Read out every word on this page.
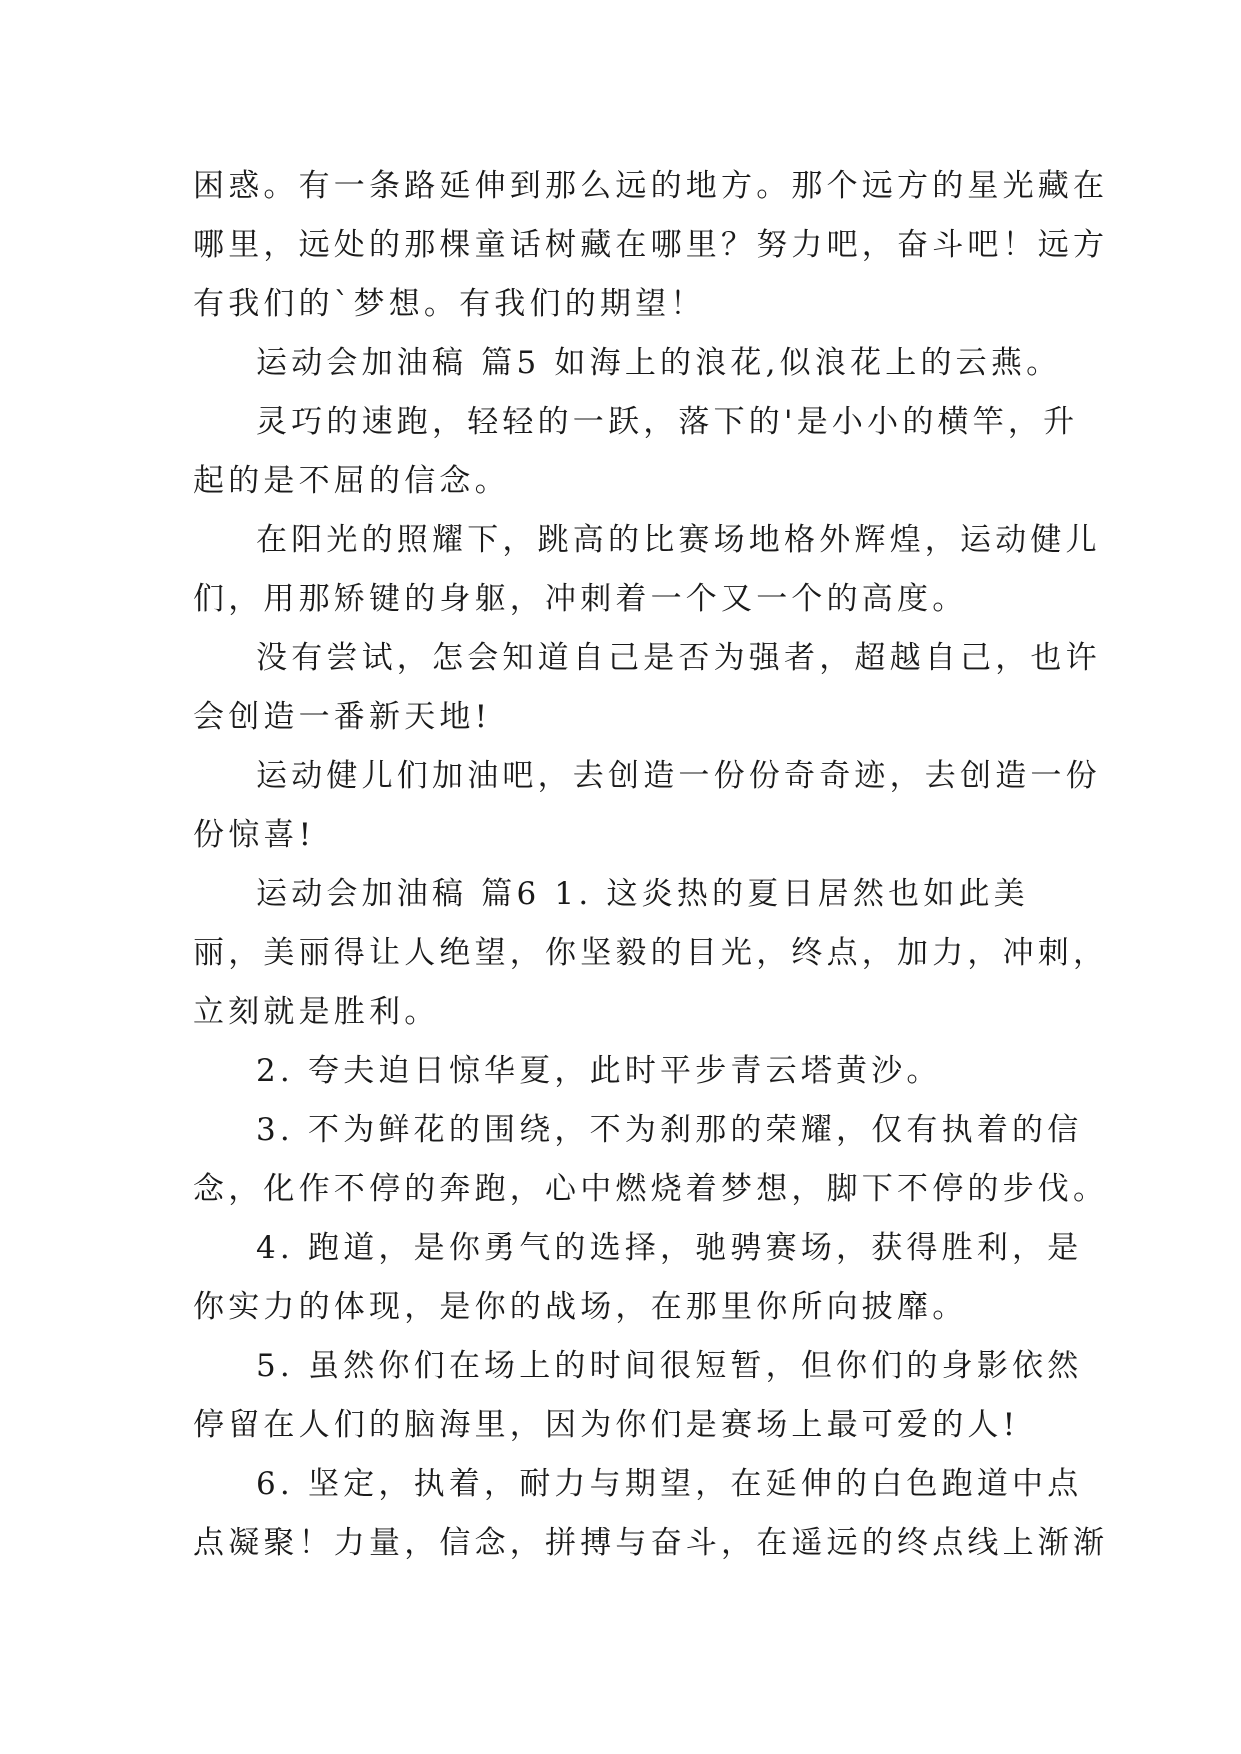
困惑。有一条路延伸到那么远的地方。那个远方的星光藏在
哪里，远处的那棵童话树藏在哪里？努力吧，奋斗吧！远方
有我们的`梦想。有我们的期望！
运动会加油稿 篇5 如海上的浪花,似浪花上的云燕。
灵巧的速跑，轻轻的一跃，落下的'是小小的横竿，升
起的是不屈的信念。
在阳光的照耀下，跳高的比赛场地格外辉煌，运动健儿
们，用那矫键的身躯，冲刺着一个又一个的高度。
没有尝试，怎会知道自己是否为强者，超越自己，也许
会创造一番新天地!
运动健儿们加油吧，去创造一份份奇奇迹，去创造一份
份惊喜!
运动会加油稿 篇6 1. 这炎热的夏日居然也如此美
丽，美丽得让人绝望，你坚毅的目光，终点，加力，冲刺，
立刻就是胜利。
2. 夸夫迫日惊华夏，此时平步青云塔黄沙。
3. 不为鲜花的围绕，不为刹那的荣耀，仅有执着的信
念，化作不停的奔跑，心中燃烧着梦想，脚下不停的步伐。
4. 跑道，是你勇气的选择，驰骋赛场，获得胜利，是
你实力的体现，是你的战场，在那里你所向披靡。
5. 虽然你们在场上的时间很短暂，但你们的身影依然
停留在人们的脑海里，因为你们是赛场上最可爱的人!
6. 坚定，执着，耐力与期望，在延伸的白色跑道中点
点凝聚！力量，信念，拼搏与奋斗，在遥远的终点线上渐渐
